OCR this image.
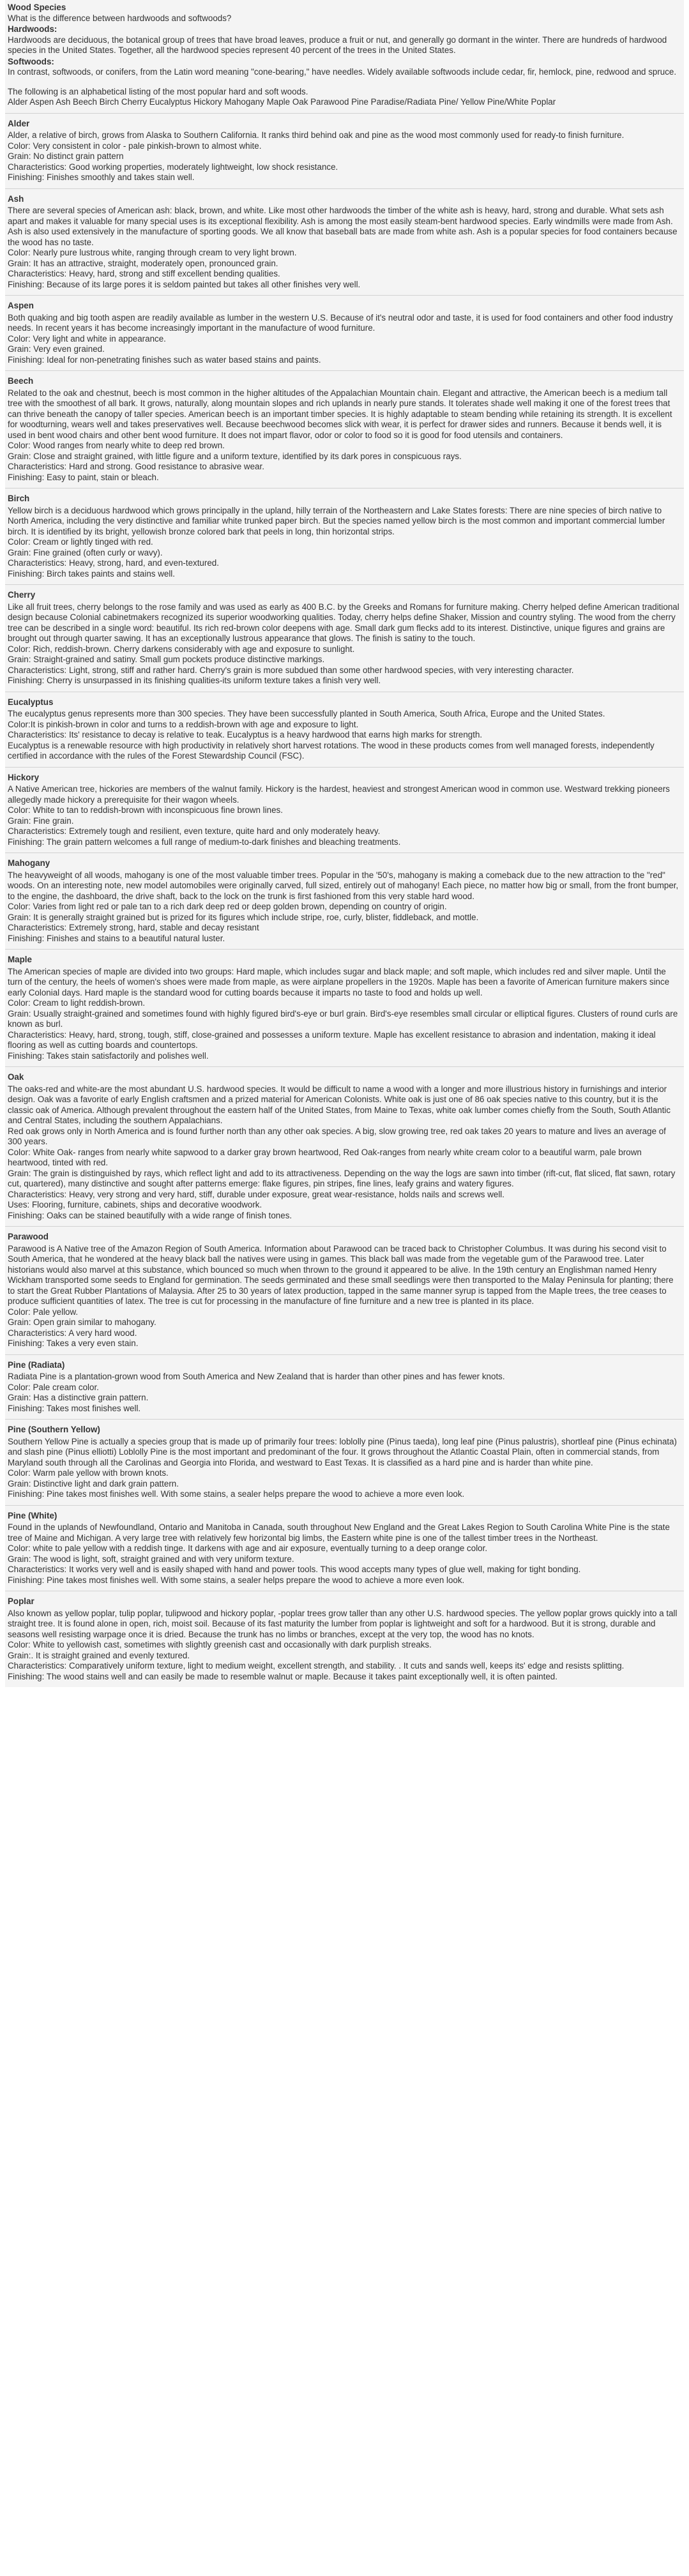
Wood Species
What is the difference between hardwoods and softwoods?
Hardwoods:
Hardwoods are deciduous, the botanical group of trees that have broad leaves, produce a fruit or nut, and generally go dormant in the winter. There are hundreds of hardwood species in the United States. Together, all the hardwood species represent 40 percent of the trees in the United States.
Softwoods:
In contrast, softwoods, or conifers, from the Latin word meaning "cone-bearing," have needles. Widely available softwoods include cedar, fir, hemlock, pine, redwood and spruce.
The following is an alphabetical listing of the most popular hard and soft woods.
Alder Aspen Ash Beech Birch Cherry Eucalyptus Hickory Mahogany Maple Oak Parawood Pine Paradise/Radiata Pine/ Yellow Pine/White Poplar
Alder
Alder, a relative of birch, grows from Alaska to Southern California. It ranks third behind oak and pine as the wood most commonly used for ready-to finish furniture.
Color: Very consistent in color - pale pinkish-brown to almost white.
Grain: No distinct grain pattern
Characteristics: Good working properties, moderately lightweight, low shock resistance.
Finishing: Finishes smoothly and takes stain well.
Ash
There are several species of American ash: black, brown, and white. Like most other hardwoods the timber of the white ash is heavy, hard, strong and durable. What sets ash apart and makes it valuable for many special uses is its exceptional flexibility. Ash is among the most easily steam-bent hardwood species. Early windmills were made from Ash. Ash is also used extensively in the manufacture of sporting goods. We all know that baseball bats are made from white ash. Ash is a popular species for food containers because the wood has no taste.
Color: Nearly pure lustrous white, ranging through cream to very light brown.
Grain: It has an attractive, straight, moderately open, pronounced grain.
Characteristics: Heavy, hard, strong and stiff excellent bending qualities.
Finishing: Because of its large pores it is seldom painted but takes all other finishes very well.
Aspen
Both quaking and big tooth aspen are readily available as lumber in the western U.S. Because of it's neutral odor and taste, it is used for food containers and other food industry needs. In recent years it has become increasingly important in the manufacture of wood furniture.
Color: Very light and white in appearance.
Grain: Very even grained.
Finishing: Ideal for non-penetrating finishes such as water based stains and paints.
Beech
Related to the oak and chestnut, beech is most common in the higher altitudes of the Appalachian Mountain chain. Elegant and attractive, the American beech is a medium tall tree with the smoothest of all bark. It grows, naturally, along mountain slopes and rich uplands in nearly pure stands. It tolerates shade well making it one of the forest trees that can thrive beneath the canopy of taller species. American beech is an important timber species. It is highly adaptable to steam bending while retaining its strength. It is excellent for woodturning, wears well and takes preservatives well. Because beechwood becomes slick with wear, it is perfect for drawer sides and runners. Because it bends well, it is used in bent wood chairs and other bent wood furniture. It does not impart flavor, odor or color to food so it is good for food utensils and containers.
Color: Wood ranges from nearly white to deep red brown.
Grain: Close and straight grained, with little figure and a uniform texture, identified by its dark pores in conspicuous rays.
Characteristics: Hard and strong. Good resistance to abrasive wear.
Finishing: Easy to paint, stain or bleach.
Birch
Yellow birch is a deciduous hardwood which grows principally in the upland, hilly terrain of the Northeastern and Lake States forests: There are nine species of birch native to North America, including the very distinctive and familiar white trunked paper birch. But the species named yellow birch is the most common and important commercial lumber birch. It is identified by its bright, yellowish bronze colored bark that peels in long, thin horizontal strips.
Color: Cream or lightly tinged with red.
Grain: Fine grained (often curly or wavy).
Characteristics: Heavy, strong, hard, and even-textured.
Finishing: Birch takes paints and stains well.
Cherry
Like all fruit trees, cherry belongs to the rose family and was used as early as 400 B.C. by the Greeks and Romans for furniture making. Cherry helped define American traditional design because Colonial cabinetmakers recognized its superior woodworking qualities. Today, cherry helps define Shaker, Mission and country styling. The wood from the cherry tree can be described in a single word: beautiful. Its rich red-brown color deepens with age. Small dark gum flecks add to its interest. Distinctive, unique figures and grains are brought out through quarter sawing. It has an exceptionally lustrous appearance that glows. The finish is satiny to the touch.
Color: Rich, reddish-brown. Cherry darkens considerably with age and exposure to sunlight.
Grain: Straight-grained and satiny. Small gum pockets produce distinctive markings.
Characteristics: Light, strong, stiff and rather hard. Cherry's grain is more subdued than some other hardwood species, with very interesting character.
Finishing: Cherry is unsurpassed in its finishing qualities-its uniform texture takes a finish very well.
Eucalyptus
The eucalyptus genus represents more than 300 species. They have been successfully planted in South America, South Africa, Europe and the United States.
Color:It is pinkish-brown in color and turns to a reddish-brown with age and exposure to light.
Characteristics: Its' resistance to decay is relative to teak. Eucalyptus is a heavy hardwood that earns high marks for strength.
Eucalyptus is a renewable resource with high productivity in relatively short harvest rotations. The wood in these products comes from well managed forests, independently certified in accordance with the rules of the Forest Stewardship Council (FSC).
Hickory
A Native American tree, hickories are members of the walnut family. Hickory is the hardest, heaviest and strongest American wood in common use. Westward trekking pioneers allegedly made hickory a prerequisite for their wagon wheels.
Color: White to tan to reddish-brown with inconspicuous fine brown lines.
Grain: Fine grain.
Characteristics: Extremely tough and resilient, even texture, quite hard and only moderately heavy.
Finishing: The grain pattern welcomes a full range of medium-to-dark finishes and bleaching treatments.
Mahogany
The heavyweight of all woods, mahogany is one of the most valuable timber trees. Popular in the '50's, mahogany is making a comeback due to the new attraction to the "red" woods. On an interesting note, new model automobiles were originally carved, full sized, entirely out of mahogany! Each piece, no matter how big or small, from the front bumper, to the engine, the dashboard, the drive shaft, back to the lock on the trunk is first fashioned from this very stable hard wood.
Color: Varies from light red or pale tan to a rich dark deep red or deep golden brown, depending on country of origin.
Grain: It is generally straight grained but is prized for its figures which include stripe, roe, curly, blister, fiddleback, and mottle.
Characteristics: Extremely strong, hard, stable and decay resistant
Finishing: Finishes and stains to a beautiful natural luster.
Maple
The American species of maple are divided into two groups: Hard maple, which includes sugar and black maple; and soft maple, which includes red and silver maple. Until the turn of the century, the heels of women's shoes were made from maple, as were airplane propellers in the 1920s. Maple has been a favorite of American furniture makers since early Colonial days. Hard maple is the standard wood for cutting boards because it imparts no taste to food and holds up well.
Color: Cream to light reddish-brown.
Grain: Usually straight-grained and sometimes found with highly figured bird's-eye or burl grain. Bird's-eye resembles small circular or elliptical figures. Clusters of round curls are known as burl.
Characteristics: Heavy, hard, strong, tough, stiff, close-grained and possesses a uniform texture. Maple has excellent resistance to abrasion and indentation, making it ideal flooring as well as cutting boards and countertops.
Finishing: Takes stain satisfactorily and polishes well.
Oak
The oaks-red and white-are the most abundant U.S. hardwood species. It would be difficult to name a wood with a longer and more illustrious history in furnishings and interior design. Oak was a favorite of early English craftsmen and a prized material for American Colonists. White oak is just one of 86 oak species native to this country, but it is the classic oak of America. Although prevalent throughout the eastern half of the United States, from Maine to Texas, white oak lumber comes chiefly from the South, South Atlantic and Central States, including the southern Appalachians.
Red oak grows only in North America and is found further north than any other oak species. A big, slow growing tree, red oak takes 20 years to mature and lives an average of 300 years.
Color: White Oak- ranges from nearly white sapwood to a darker gray brown heartwood, Red Oak-ranges from nearly white cream color to a beautiful warm, pale brown heartwood, tinted with red.
Grain: The grain is distinguished by rays, which reflect light and add to its attractiveness. Depending on the way the logs are sawn into timber (rift-cut, flat sliced, flat sawn, rotary cut, quartered), many distinctive and sought after patterns emerge: flake figures, pin stripes, fine lines, leafy grains and watery figures.
Characteristics: Heavy, very strong and very hard, stiff, durable under exposure, great wear-resistance, holds nails and screws well.
Uses: Flooring, furniture, cabinets, ships and decorative woodwork.
Finishing: Oaks can be stained beautifully with a wide range of finish tones.
Parawood
Parawood is A Native tree of the Amazon Region of South America. Information about Parawood can be traced back to Christopher Columbus. It was during his second visit to South America, that he wondered at the heavy black ball the natives were using in games. This black ball was made from the vegetable gum of the Parawood tree. Later historians would also marvel at this substance, which bounced so much when thrown to the ground it appeared to be alive. In the 19th century an Englishman named Henry Wickham transported some seeds to England for germination. The seeds germinated and these small seedlings were then transported to the Malay Peninsula for planting; there to start the Great Rubber Plantations of Malaysia. After 25 to 30 years of latex production, tapped in the same manner syrup is tapped from the Maple trees, the tree ceases to produce sufficient quantities of latex. The tree is cut for processing in the manufacture of fine furniture and a new tree is planted in its place.
Color: Pale yellow.
Grain: Open grain similar to mahogany.
Characteristics: A very hard wood.
Finishing: Takes a very even stain.
Pine (Radiata)
Radiata Pine is a plantation-grown wood from South America and New Zealand that is harder than other pines and has fewer knots.
Color: Pale cream color.
Grain: Has a distinctive grain pattern.
Finishing: Takes most finishes well.
Pine (Southern Yellow)
Southern Yellow Pine is actually a species group that is made up of primarily four trees: loblolly pine (Pinus taeda), long leaf pine (Pinus palustris), shortleaf pine (Pinus echinata) and slash pine (Pinus elliotti) Loblolly Pine is the most important and predominant of the four. It grows throughout the Atlantic Coastal Plain, often in commercial stands, from Maryland south through all the Carolinas and Georgia into Florida, and westward to East Texas. It is classified as a hard pine and is harder than white pine.
Color: Warm pale yellow with brown knots.
Grain: Distinctive light and dark grain pattern.
Finishing: Pine takes most finishes well. With some stains, a sealer helps prepare the wood to achieve a more even look.
Pine (White)
Found in the uplands of Newfoundland, Ontario and Manitoba in Canada, south throughout New England and the Great Lakes Region to South Carolina White Pine is the state tree of Maine and Michigan. A very large tree with relatively few horizontal big limbs, the Eastern white pine is one of the tallest timber trees in the Northeast.
Color: white to pale yellow with a reddish tinge. It darkens with age and air exposure, eventually turning to a deep orange color.
Grain: The wood is light, soft, straight grained and with very uniform texture.
Characteristics: It works very well and is easily shaped with hand and power tools. This wood accepts many types of glue well, making for tight bonding.
Finishing: Pine takes most finishes well. With some stains, a sealer helps prepare the wood to achieve a more even look.
Poplar
Also known as yellow poplar, tulip poplar, tulipwood and hickory poplar, -poplar trees grow taller than any other U.S. hardwood species. The yellow poplar grows quickly into a tall straight tree. It is found alone in open, rich, moist soil. Because of its fast maturity the lumber from poplar is lightweight and soft for a hardwood. But it is strong, durable and seasons well resisting warpage once it is dried. Because the trunk has no limbs or branches, except at the very top, the wood has no knots.
Color: White to yellowish cast, sometimes with slightly greenish cast and occasionally with dark purplish streaks.
Grain:. It is straight grained and evenly textured.
Characteristics: Comparatively uniform texture, light to medium weight, excellent strength, and stability. . It cuts and sands well, keeps its' edge and resists splitting.
Finishing: The wood stains well and can easily be made to resemble walnut or maple. Because it takes paint exceptionally well, it is often painted.
